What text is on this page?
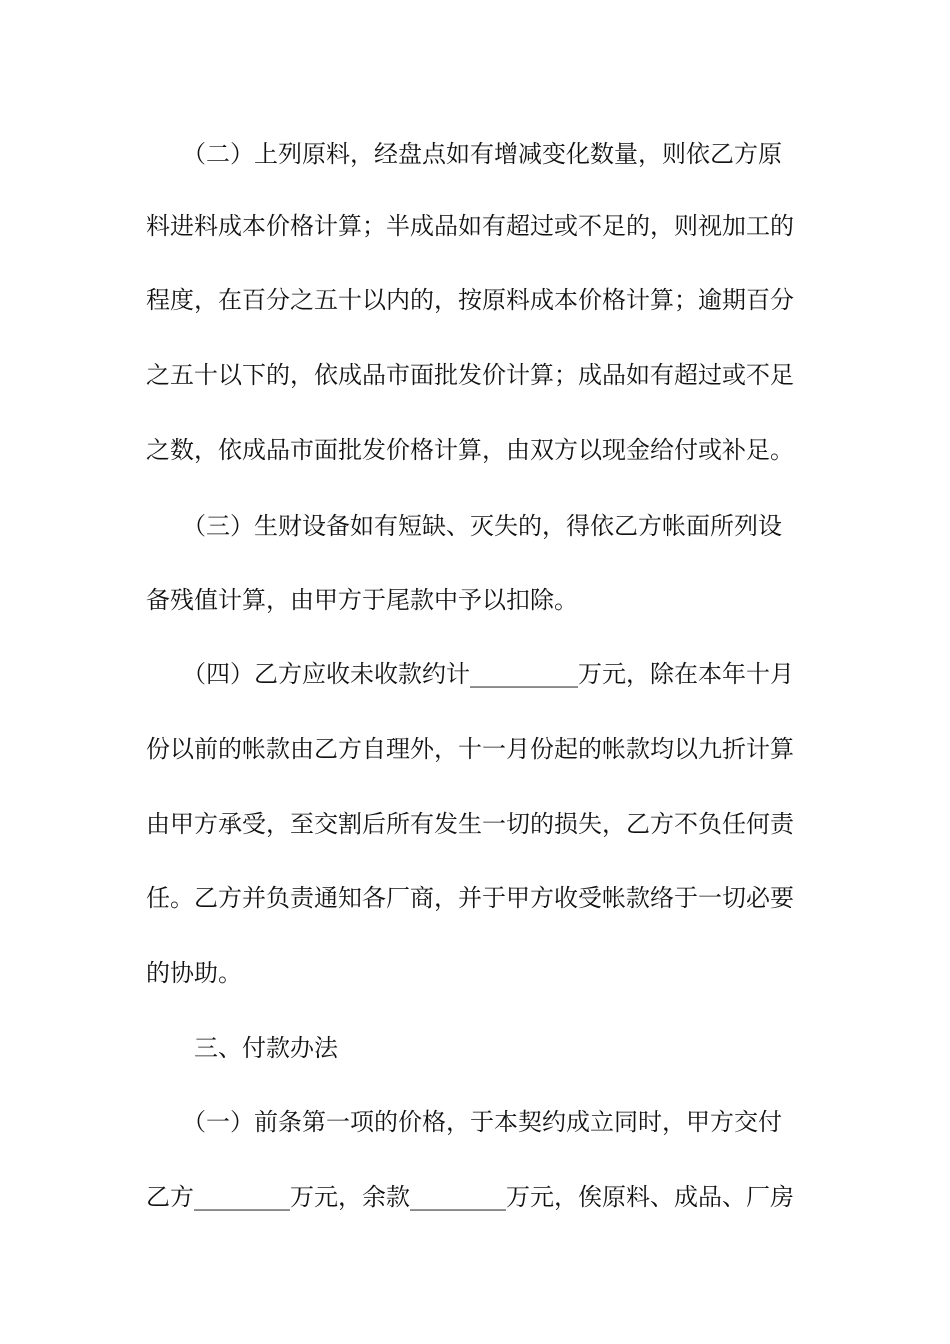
　　（二）上列原料，经盘点如有增减变化数量，则依乙方原
料进料成本价格计算；半成品如有超过或不足的，则视加工的
程度，在百分之五十以内的，按原料成本价格计算；逾期百分
之五十以下的，依成品市面批发价计算；成品如有超过或不足
之数，依成品市面批发价格计算，由双方以现金给付或补足。
　　（三）生财设备如有短缺、灭失的，得依乙方帐面所列设
备残值计算，由甲方于尾款中予以扣除。
　　（四）乙方应收未收款约计_________万元，除在本年十月
份以前的帐款由乙方自理外，十一月份起的帐款均以九折计算
由甲方承受，至交割后所有发生一切的损失，乙方不负任何责
任。乙方并负责通知各厂商，并于甲方收受帐款络于一切必要
的协助。
　　三、付款办法
　　（一）前条第一项的价格，于本契约成立同时，甲方交付
乙方________万元，余款________万元，俟原料、成品、厂房
